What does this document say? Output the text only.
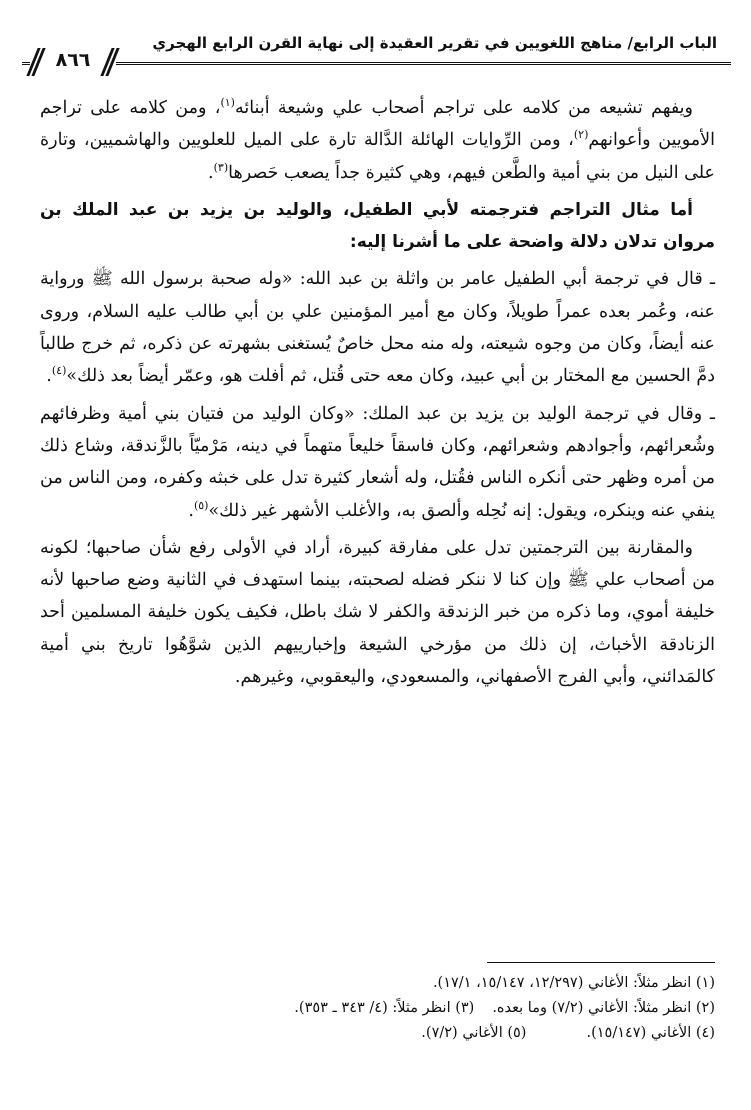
الباب الرابع/ مناهج اللغويين في تقرير العقيدة إلى نهاية القرن الرابع الهجري
٨٦٦

ويفهم تشيعه من كلامه على تراجم أصحاب علي وشيعة أبنائه$^{(١)}$، ومن كلامه على تراجم الأمويين وأعوانهم$^{(٢)}$، ومن الرِّوايات الهائلة الدَّالة تارة على الميل للعلويين والهاشميين، وتارة على النيل من بني أمية والطَّعن فيهم، وهي كثيرة جداً يصعب حَصرها$^{(٣)}$.

أما مثال التراجم فترجمته لأبي الطفيل، والوليد بن يزيد بن عبد الملك بن مروان تدلان دلالة واضحة على ما أشرنا إليه:

ـ قال في ترجمة أبي الطفيل عامر بن واثلة بن عبد الله: «وله صحبة برسول الله ﷺ ورواية عنه، وعُمر بعده عمراً طويلاً، وكان مع أمير المؤمنين علي بن أبي طالب عليه السلام، وروى عنه أيضاً، وكان من وجوه شيعته، وله منه محل خاصٌ يُستغنى بشهرته عن ذكره، ثم خرج طالباً دمَّ الحسين مع المختار بن أبي عبيد، وكان معه حتى قُتل، ثم أفلت هو، وعمّر أيضاً بعد ذلك»$^{(٤)}$.

ـ وقال في ترجمة الوليد بن يزيد بن عبد الملك: «وكان الوليد من فتيان بني أمية وظرفائهم وشُعرائهم، وأجوادهم وشعرائهم، وكان فاسقاً خليعاً متهماً في دينه، مَرْميّاً بالزَّندقة، وشاع ذلك من أمره وظهر حتى أنكره الناس فقُتل، وله أشعار كثيرة تدل على خبثه وكفره، ومن الناس من ينفي عنه وينكره، ويقول: إنه نُحِله وألصق به، والأغلب الأشهر غير ذلك»$^{(٥)}$.

والمقارنة بين الترجمتين تدل على مفارقة كبيرة، أراد في الأولى رفع شأن صاحبها؛ لكونه من أصحاب علي ﷺ وإن كنا لا ننكر فضله لصحبته، بينما استهدف في الثانية وضع صاحبها لأنه خليفة أموي، وما ذكره من خبر الزندقة والكفر لا شك باطل، فكيف يكون خليفة المسلمين أحد الزنادقة الأخباث، إن ذلك من مؤرخي الشيعة وإخبارييهم الذين شوَّهُوا تاريخ بني أمية كالمَدائني، وأبي الفرج الأصفهاني، والمسعودي، واليعقوبي، وغيرهم.

(١) انظر مثلاً: الأغاني (١٢/٢٩٧، ١٥/١٤٧، ١٧/١).
(٢) انظر مثلاً: الأغاني (٧/٢) وما بعده.(٣) انظر مثلاً: (٤/ ٣٤٣ ـ ٣٥٣).
(٤) الأغاني (١٥/١٤٧).(٥) الأغاني (٧/٢).
